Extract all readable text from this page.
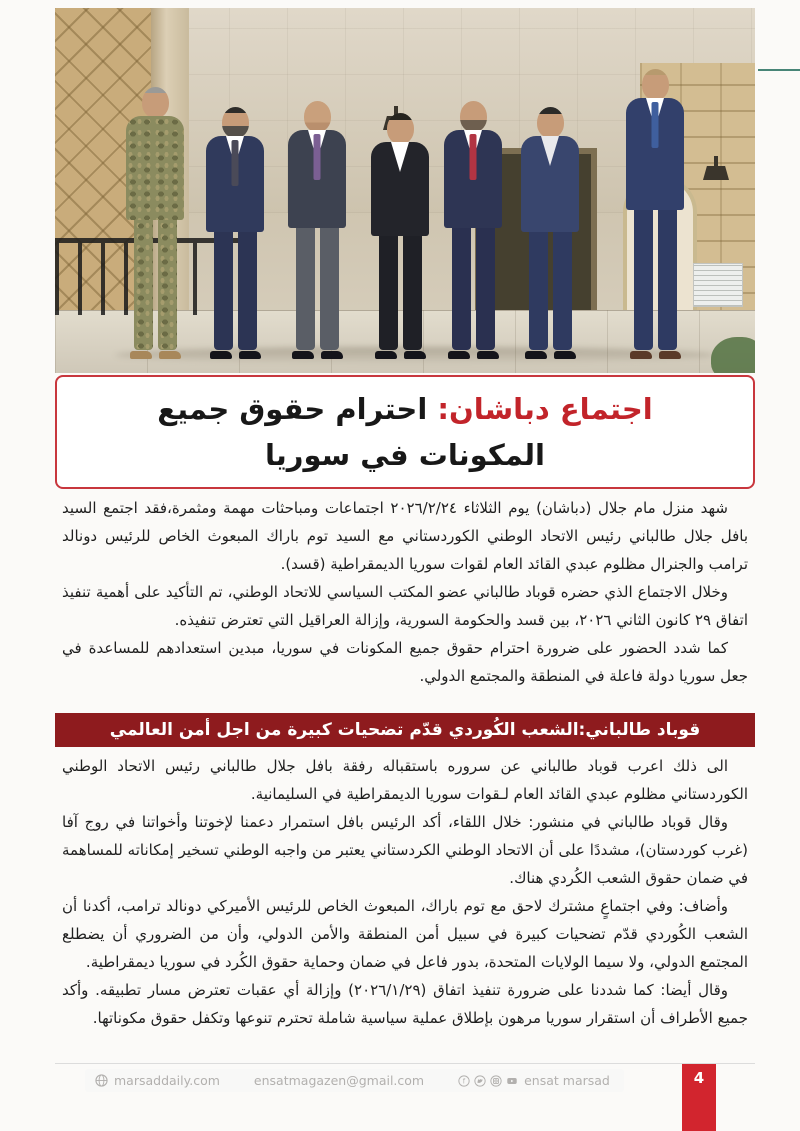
اجتماع دباشان: احترام حقوق جميع المكونات في سوريا

شهد منزل مام جلال (دباشان) يوم الثلاثاء ٢٠٢٦/٢/٢٤ اجتماعات ومباحثات مهمة ومثمرة،فقد اجتمع السيد بافل جلال طالباني رئيس الاتحاد الوطني الكوردستاني مع السيد توم باراك المبعوث الخاص للرئيس دونالد ترامب والجنرال مظلوم عبدي القائد العام لقوات سوريا الديمقراطية (قسد).

وخلال الاجتماع الذي حضره قوباد طالباني عضو المكتب السياسي للاتحاد الوطني، تم التأكيد على أهمية تنفيذ اتفاق ٢٩ كانون الثاني ٢٠٢٦، بين قسد والحكومة السورية، وإزالة العراقيل التي تعترض تنفيذه.

كما شدد الحضور على ضرورة احترام حقوق جميع المكونات في سوريا، مبدين استعدادهم للمساعدة في جعل سوريا دولة فاعلة في المنطقة والمجتمع الدولي.

قوباد طالباني:الشعب الكُوردي قدّم تضحيات كبيرة من اجل أمن العالمي

الى ذلك اعرب قوباد طالباني عن سروره باستقباله رفقة بافل جلال طالباني رئيس الاتحاد الوطني الكوردستاني مظلوم عبدي القائد العام لـقوات سوريا الديمقراطية في السليمانية.

وقال قوباد طالباني في منشور: خلال اللقاء، أكد الرئيس بافل استمرار دعمنا لإخوتنا وأخواتنا في روج آفا (غرب كوردستان)، مشددًا على أن الاتحاد الوطني الكردستاني يعتبر من واجبه الوطني تسخير إمكاناته للمساهمة في ضمان حقوق الشعب الكُردي هناك.

وأضاف: وفي اجتماعٍ مشترك لاحق مع توم باراك، المبعوث الخاص للرئيس الأميركي دونالد ترامب، أكدنا أن الشعب الكُوردي قدّم تضحيات كبيرة في سبيل أمن المنطقة والأمن الدولي، وأن من الضروري أن يضطلع المجتمع الدولي، ولا سيما الولايات المتحدة، بدور فاعل في ضمان وحماية حقوق الكُرد في سوريا ديمقراطية.

وقال أيضا: كما شددنا على ضرورة تنفيذ اتفاق (٢٠٢٦/١/٢٩) وإزالة أي عقبات تعترض مسار تطبيقه. وأكد جميع الأطراف أن استقرار سوريا مرهون بإطلاق عملية سياسية شاملة تحترم تنوعها وتكفل حقوق مكوناتها.

marsaddaily.com	ensatmagazen@gmail.com	f	ensat marsad	4
